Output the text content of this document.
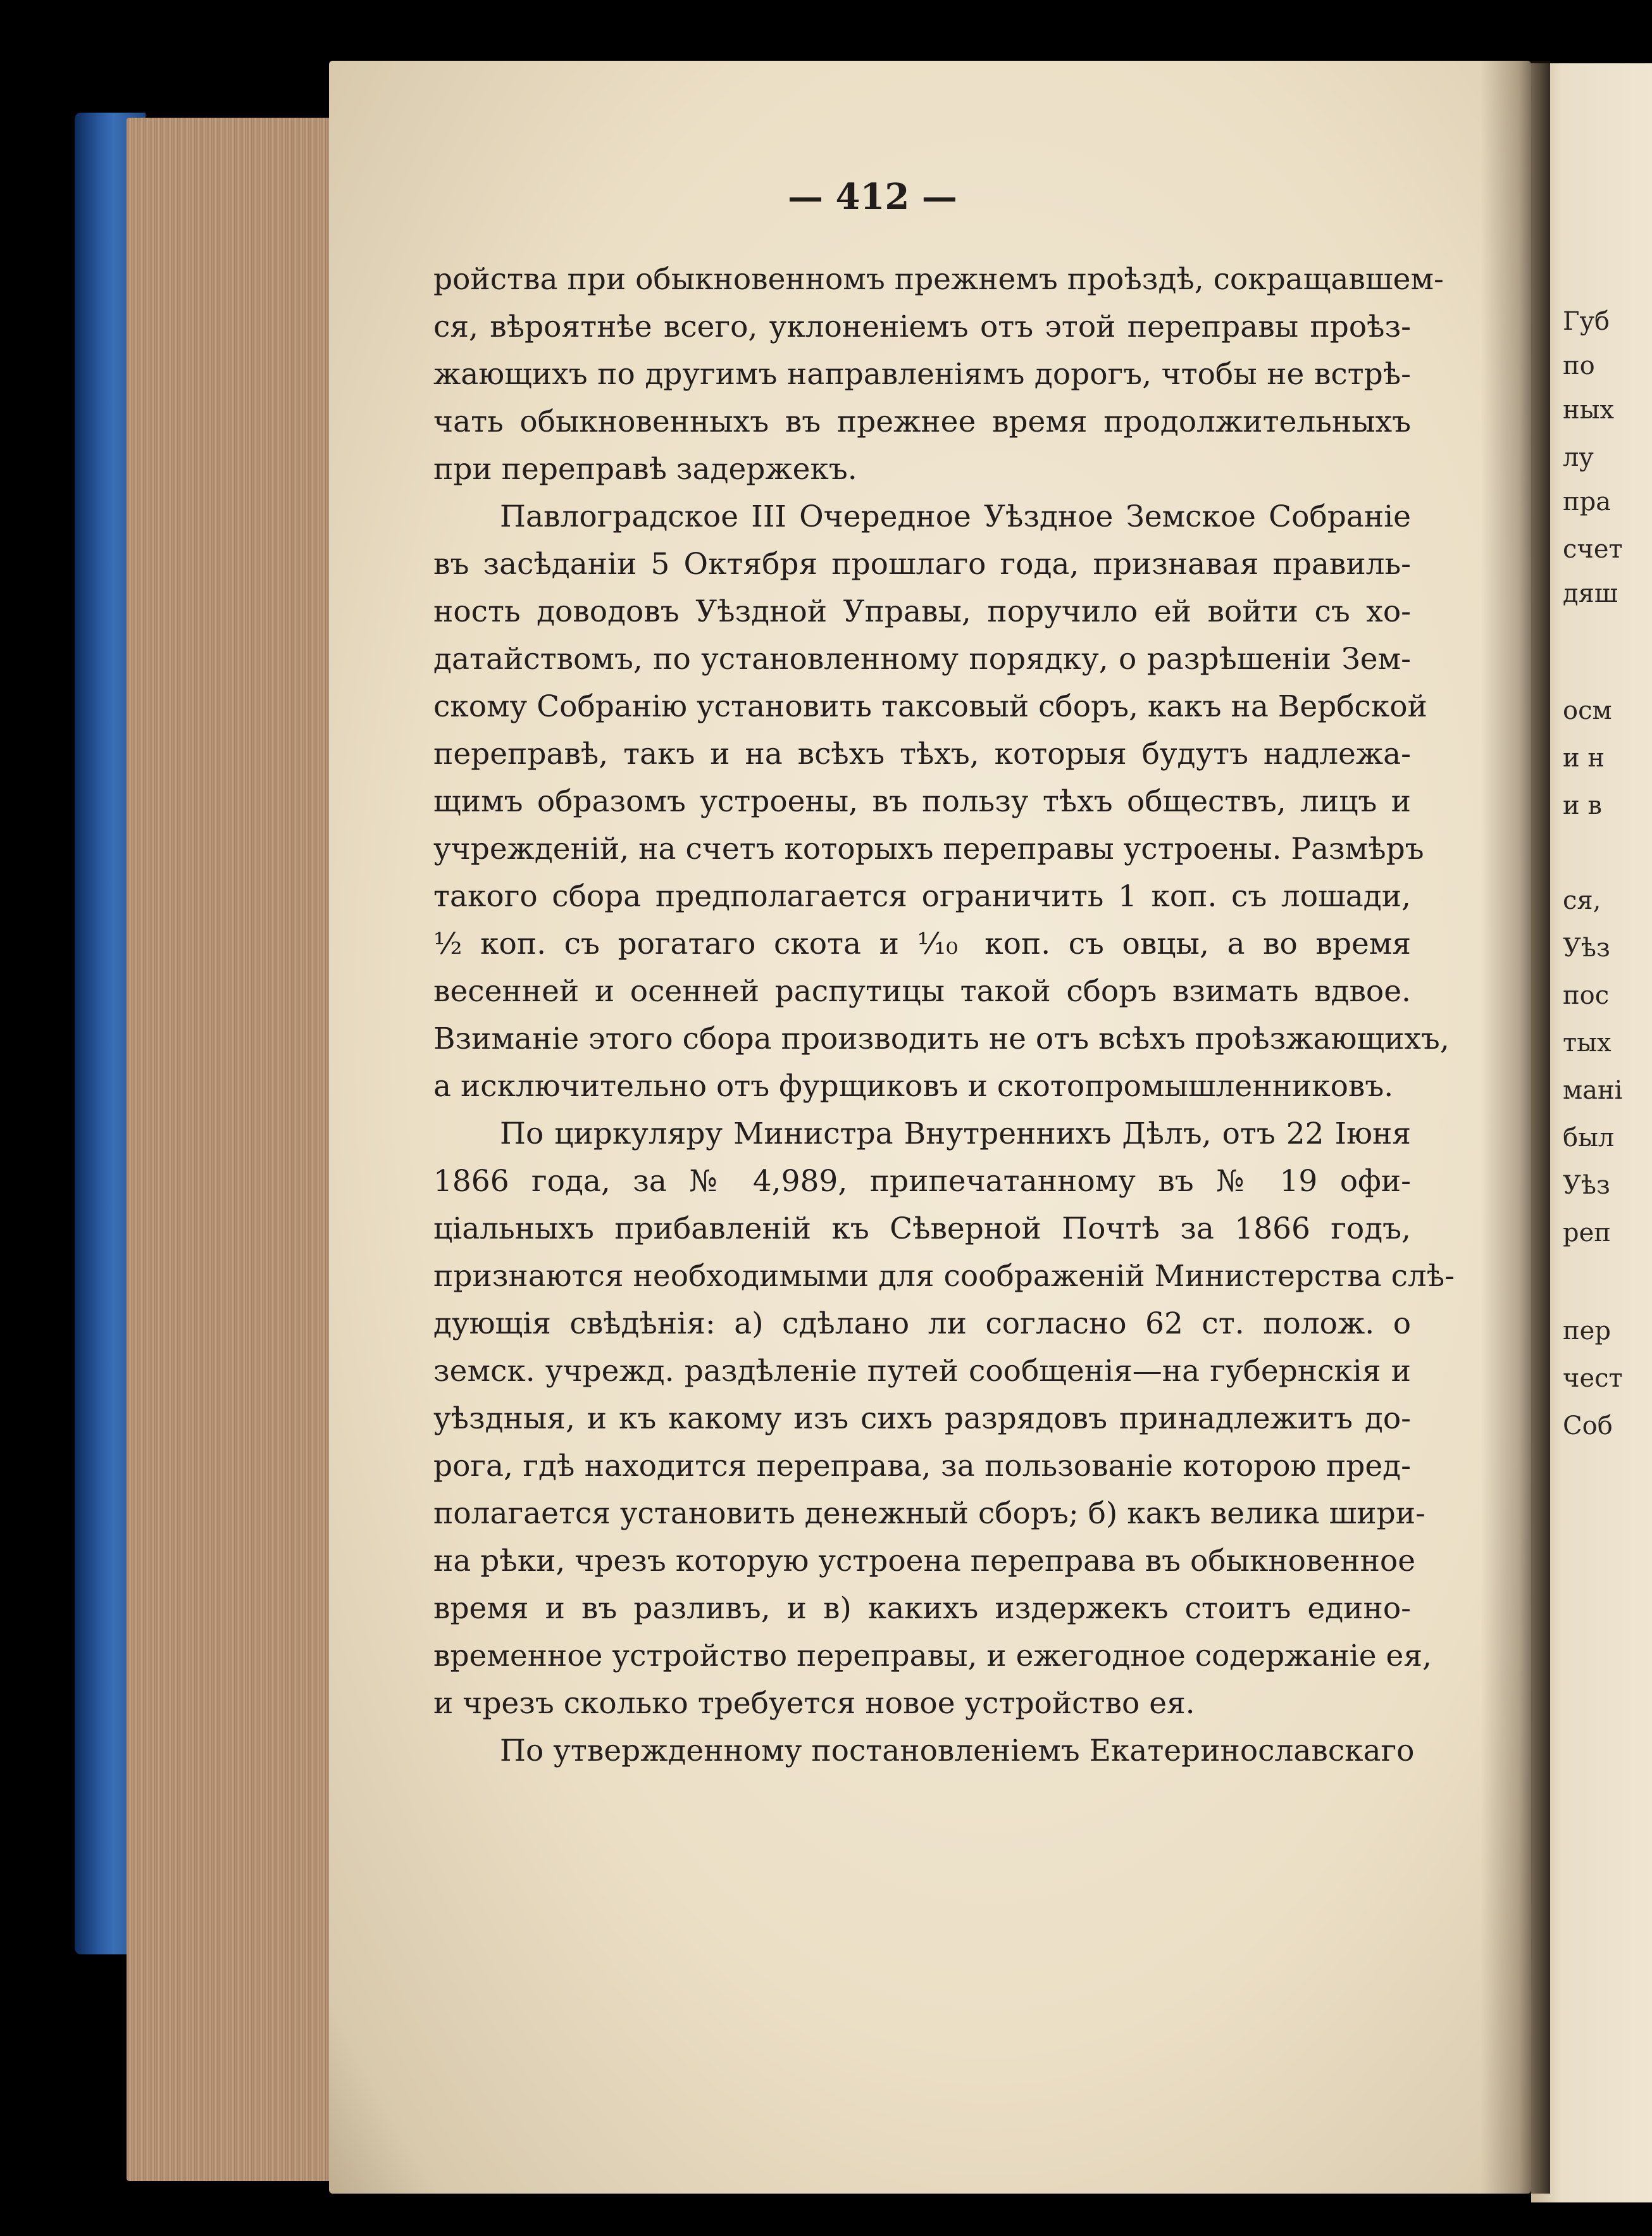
Губ
по
ных
лу
пра
счет
дяш
осм
и н
и в
ся,
Уѣз
пос
тых
мані
был
Уѣз
реп
пер
чест
Соб
— 412 —
ройства при обыкновенномъ прежнемъ проѣздѣ, сокращавшем-
ся, вѣроятнѣе всего, уклоненіемъ отъ этой переправы проѣз-
жающихъ по другимъ направленіямъ дорогъ, чтобы не встрѣ-
чать обыкновенныхъ въ прежнее время продолжительныхъ
при переправѣ задержекъ.
Павлоградское III Очередное Уѣздное Земское Собраніе
въ засѣданіи 5 Октября прошлаго года, признавая правиль-
ность доводовъ Уѣздной Управы, поручило ей войти съ хо-
датайствомъ, по установленному порядку, о разрѣшеніи Зем-
скому Собранію установить таксовый сборъ, какъ на Вербской
переправѣ, такъ и на всѣхъ тѣхъ, которыя будутъ надлежа-
щимъ образомъ устроены, въ пользу тѣхъ обществъ, лицъ и
учрежденій, на счетъ которыхъ переправы устроены. Размѣръ
такого сбора предполагается ограничить 1 коп. съ лошади,
½ коп. съ рогатаго скота и ⅒ коп. съ овцы, а во время
весенней и осенней распутицы такой сборъ взимать вдвое.
Взиманіе этого сбора производить не отъ всѣхъ проѣзжающихъ,
а исключительно отъ фурщиковъ и скотопромышленниковъ.
По циркуляру Министра Внутреннихъ Дѣлъ, отъ 22 Іюня
1866 года, за № 4,989, припечатанному въ № 19 офи-
ціальныхъ прибавленій къ Сѣверной Почтѣ за 1866 годъ,
признаются необходимыми для соображеній Министерства слѣ-
дующія свѣдѣнія: а) сдѣлано ли согласно 62 ст. полож. о
земск. учрежд. раздѣленіе путей сообщенія—на губернскія и
уѣздныя, и къ какому изъ сихъ разрядовъ принадлежитъ до-
рога, гдѣ находится переправа, за пользованіе которою пред-
полагается установить денежный сборъ; б) какъ велика шири-
на рѣки, чрезъ которую устроена переправа въ обыкновенное
время и въ разливъ, и в) какихъ издержекъ стоитъ едино-
временное устройство переправы, и ежегодное содержаніе ея,
и чрезъ сколько требуется новое устройство ея.
По утвержденному постановленіемъ Екатеринославскаго
